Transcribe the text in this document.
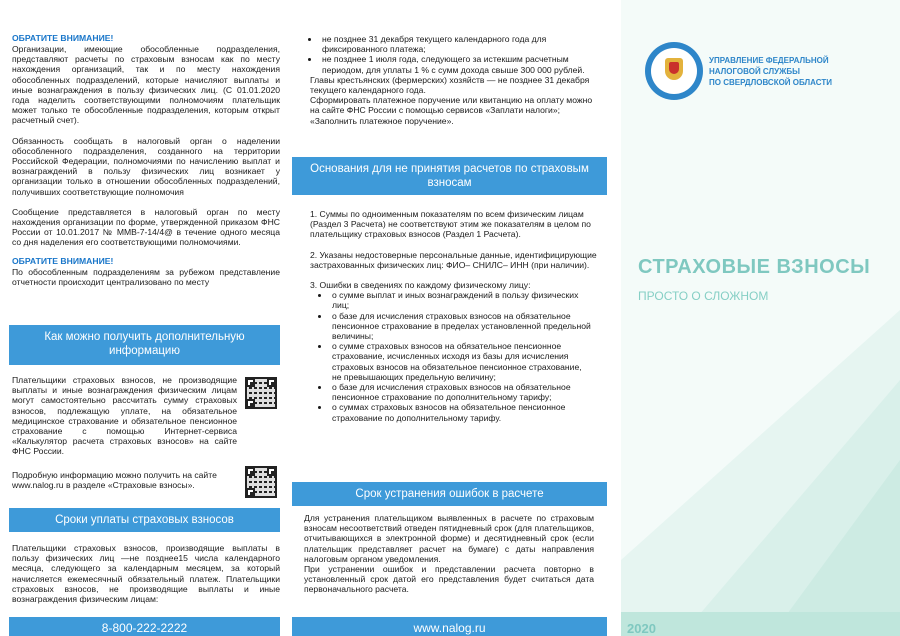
ОБРАТИТЕ ВНИМАНИЕ!

Организации, имеющие обособленные подразделения, представляют расчеты по страховым взносам как по месту нахождения организаций, так и по месту нахождения обособленных подразделений, которые начисляют выплаты и иные вознаграждения в пользу физических лиц. (С 01.01.2020 года наделить соответствующими полномочиям плательщик может только те обособленные подразделения, которым открыт расчетный счет).

Обязанность сообщать в налоговый орган о наделении обособленного подразделения, созданного на территории Российской Федерации, полномочиями по начислению выплат и вознаграждений в пользу физических лиц возникает у организации только в отношении обособленных подразделений, получивших соответствующие полномочия

Сообщение представляется в налоговый орган по месту нахождения организации по форме, утвержденной приказом ФНС России от 10.01.2017 № ММВ-7-14/4@ в течение одного месяца со дня наделения его соответствующими полномочиями.

ОБРАТИТЕ ВНИМАНИЕ!

По обособленным подразделениям за рубежом представление отчетности происходит централизовано по месту

Как можно получить дополнительную информацию

Плательщики страховых взносов, не производящие выплаты и иные вознаграждения физическим лицам могут самостоятельно рассчитать сумму страховых взносов, подлежащую уплате, на обязательное медицинское страхование и обязательное пенсионное страхование с помощью Интернет-сервиса «Калькулятор расчета страховых взносов» на сайте ФНС России.

Подробную информацию можно получить на сайте www.nalog.ru в разделе «Страховые взносы».

Сроки уплаты страховых взносов

Плательщики страховых взносов, производящие выплаты в пользу физических лиц —не позднее15 числа календарного месяца, следующего за календарным месяцем, за который начисляется ежемесячный обязательный платеж. Плательщики страховых взносов, не производящие выплаты и иные вознаграждения физическим лицам:

8-800-222-2222
• не позднее 31 декабря текущего календарного года для фиксированного платежа;
• не позднее 1 июля года, следующего за истекшим расчетным периодом, для уплаты 1 % с сумм дохода свыше 300 000 рублей.

Главы крестьянских (фермерских) хозяйств — не позднее 31 декабря текущего календарного года.

Сформировать платежное поручение или квитанцию на оплату можно на сайте ФНС России с помощью сервисов «Заплати налоги»; «Заполнить платежное поручение».

Основания для не принятия расчетов по страховым взносам

1. Суммы по одноименным показателям по всем физическим лицам (Раздел 3 Расчета) не соответствуют этим же показателям в целом по плательщику страховых взносов (Раздел 1 Расчета).

2. Указаны недостоверные персональные данные, идентифицирующие застрахованных физических лиц: ФИО– СНИЛС– ИНН (при наличии).

3. Ошибки в сведениях по каждому физическому лицу:

• о сумме выплат и иных вознаграждений в пользу физических лиц;
• о базе для исчисления страховых взносов на обязательное пенсионное страхование в пределах установленной предельной величины;
• о сумме страховых взносов на обязательное пенсионное страхование, исчисленных исходя из базы для исчисления страховых взносов на обязательное пенсионное страхование, не превышающих предельную величину;
• о базе для исчисления страховых взносов на обязательное пенсионное страхование по дополнительному тарифу;
• о суммах страховых взносов на обязательное пенсионное страхование по дополнительному тарифу.
Срок устранения ошибок в расчете

Для устранения плательщиком выявленных в расчете по страховым взносам несоответствий отведен пятидневный срок (для плательщиков, отчитывающихся в электронной форме) и десятидневный срок (если плательщик представляет расчет на бумаге) с даты направления налоговым органом уведомления.

При устранении ошибок и представлении расчета повторно в установленный срок датой его представления будет считаться дата первоначального расчета.

www.nalog.ru
УПРАВЛЕНИЕ ФЕДЕРАЛЬНОЙ
НАЛОГОВОЙ СЛУЖБЫ
ПО СВЕРДЛОВСКОЙ ОБЛАСТИ
СТРАХОВЫЕ ВЗНОСЫ
ПРОСТО О СЛОЖНОМ
2020
